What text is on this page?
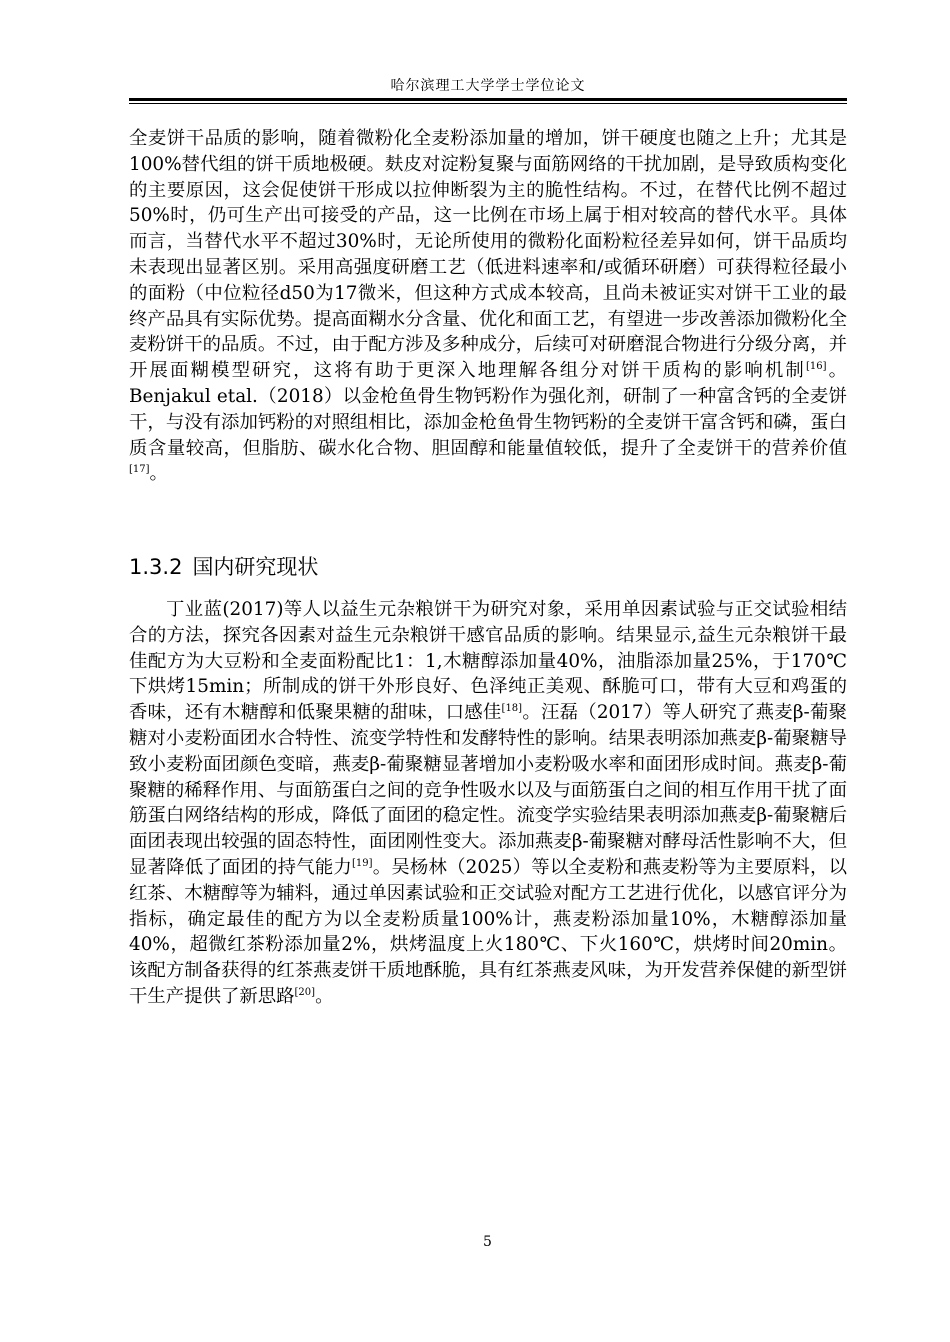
哈尔滨理工大学学士学位论文

全麦饼干品质的影响，随着微粉化全麦粉添加量的增加，饼干硬度也随之上升；尤其是100%替代组的饼干质地极硬。麸皮对淀粉复聚与面筋网络的干扰加剧，是导致质构变化的主要原因，这会促使饼干形成以拉伸断裂为主的脆性结构。不过，在替代比例不超过50%时，仍可生产出可接受的产品，这一比例在市场上属于相对较高的替代水平。具体而言，当替代水平不超过30%时，无论所使用的微粉化面粉粒径差异如何，饼干品质均未表现出显著区别。采用高强度研磨工艺（低进料速率和/或循环研磨）可获得粒径最小的面粉（中位粒径d50为17微米，但这种方式成本较高，且尚未被证实对饼干工业的最终产品具有实际优势。提高面糊水分含量、优化和面工艺，有望进一步改善添加微粉化全麦粉饼干的品质。不过，由于配方涉及多种成分，后续可对研磨混合物进行分级分离，并开展面糊模型研究，这将有助于更深入地理解各组分对饼干质构的影响机制[16]。Benjakul etal.（2018）以金枪鱼骨生物钙粉作为强化剂，研制了一种富含钙的全麦饼干，与没有添加钙粉的对照组相比，添加金枪鱼骨生物钙粉的全麦饼干富含钙和磷，蛋白质含量较高，但脂肪、碳水化合物、胆固醇和能量值较低，提升了全麦饼干的营养价值[17]。

1.3.2 国内研究现状

丁业蓝(2017)等人以益生元杂粮饼干为研究对象，采用单因素试验与正交试验相结合的方法，探究各因素对益生元杂粮饼干感官品质的影响。结果显示,益生元杂粮饼干最佳配方为大豆粉和全麦面粉配比1：1,木糖醇添加量40%，油脂添加量25%，于170℃下烘烤15min；所制成的饼干外形良好、色泽纯正美观、酥脆可口，带有大豆和鸡蛋的香味，还有木糖醇和低聚果糖的甜味，口感佳[18]。汪磊（2017）等人研究了燕麦β-葡聚糖对小麦粉面团水合特性、流变学特性和发酵特性的影响。结果表明添加燕麦β-葡聚糖导致小麦粉面团颜色变暗，燕麦β-葡聚糖显著增加小麦粉吸水率和面团形成时间。燕麦β-葡聚糖的稀释作用、与面筋蛋白之间的竞争性吸水以及与面筋蛋白之间的相互作用干扰了面筋蛋白网络结构的形成，降低了面团的稳定性。流变学实验结果表明添加燕麦β-葡聚糖后面团表现出较强的固态特性，面团刚性变大。添加燕麦β-葡聚糖对酵母活性影响不大，但显著降低了面团的持气能力[19]。吴杨林（2025）等以全麦粉和燕麦粉等为主要原料，以红茶、木糖醇等为辅料，通过单因素试验和正交试验对配方工艺进行优化，以感官评分为指标，确定最佳的配方为以全麦粉质量100%计，燕麦粉添加量10%，木糖醇添加量40%，超微红茶粉添加量2%，烘烤温度上火180℃、下火160℃，烘烤时间20min。该配方制备获得的红茶燕麦饼干质地酥脆，具有红茶燕麦风味，为开发营养保健的新型饼干生产提供了新思路[20]。

5
